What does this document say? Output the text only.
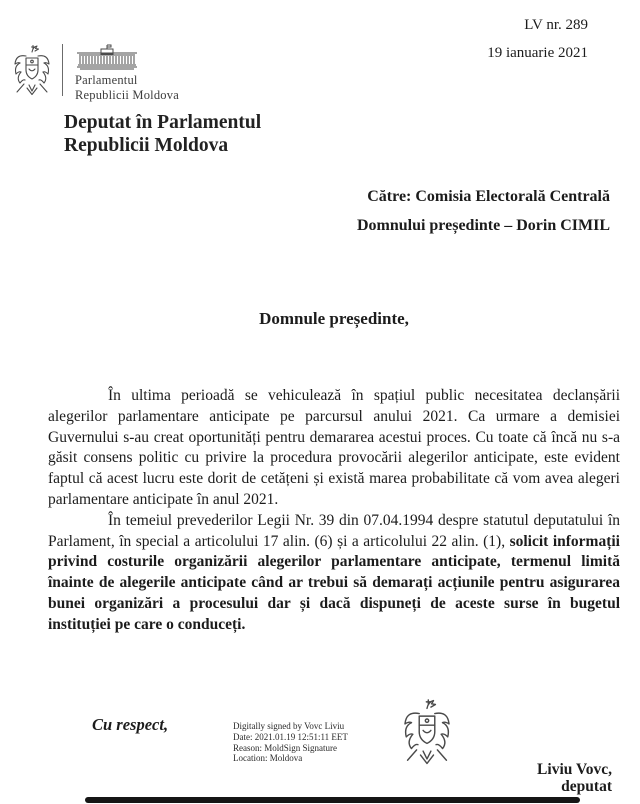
LV nr. 289
19 ianuarie 2021
Parlamentul
Republicii Moldova
Deputat în Parlamentul
Republicii Moldova
Către: Comisia Electorală Centrală
Domnului președinte – Dorin CIMIL
Domnule președinte,

În ultima perioadă se vehiculează în spațiul public necesitatea declanșării alegerilor parlamentare anticipate pe parcursul anului 2021. Ca urmare a demisiei Guvernului s-au creat oportunități pentru demararea acestui proces. Cu toate că încă nu s-a găsit consens politic cu privire la procedura provocării alegerilor anticipate, este evident faptul că acest lucru este dorit de cetățeni și există marea probabilitate că vom avea alegeri parlamentare anticipate în anul 2021.

În temeiul prevederilor Legii Nr. 39 din 07.04.1994 despre statutul deputatului în Parlament, în special a articolului 17 alin. (6) și a articolului 22 alin. (1), solicit informații privind costurile organizării alegerilor parlamentare anticipate, termenul limită înainte de alegerile anticipate când ar trebui să demarați acțiunile pentru asigurarea bunei organizări a procesului dar și dacă dispuneți de aceste surse în bugetul instituției pe care o conduceți.

Cu respect,	Digitally signed by Vovc Liviu
Date: 2021.01.19 12:51:11 EET
Reason: MoldSign Signature
Location: Moldova
Liviu Vovc,
deputat
